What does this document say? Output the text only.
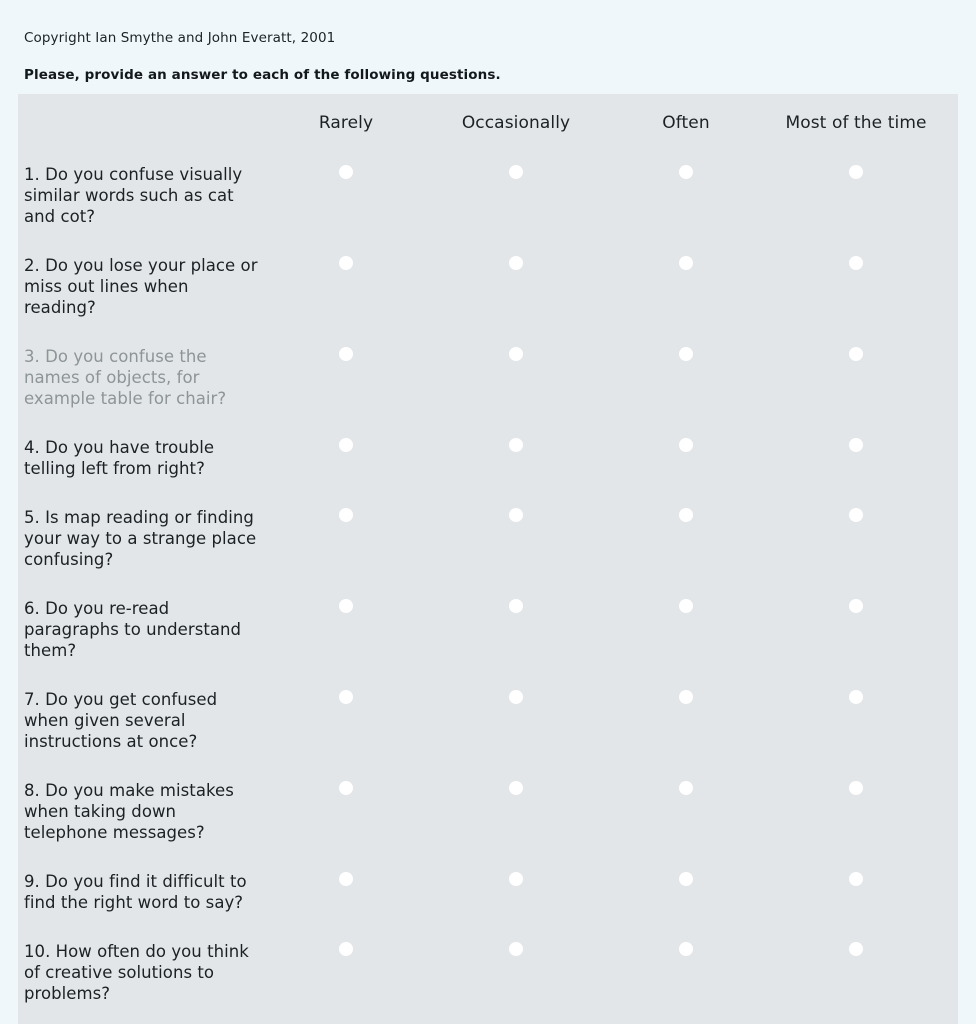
Copyright Ian Smythe and John Everatt, 2001
Please, provide an answer to each of the following questions.
Rarely	Occasionally	Often	Most of the time
1. Do you confuse visually similar words such as cat and cot?
2. Do you lose your place or miss out lines when reading?
3. Do you confuse the names of objects, for example table for chair?
4. Do you have trouble telling left from right?
5. Is map reading or finding your way to a strange place confusing?
6. Do you re-read paragraphs to understand them?
7. Do you get confused when given several instructions at once?
8. Do you make mistakes when taking down telephone messages?
9. Do you find it difficult to find the right word to say?
10. How often do you think of creative solutions to problems?
